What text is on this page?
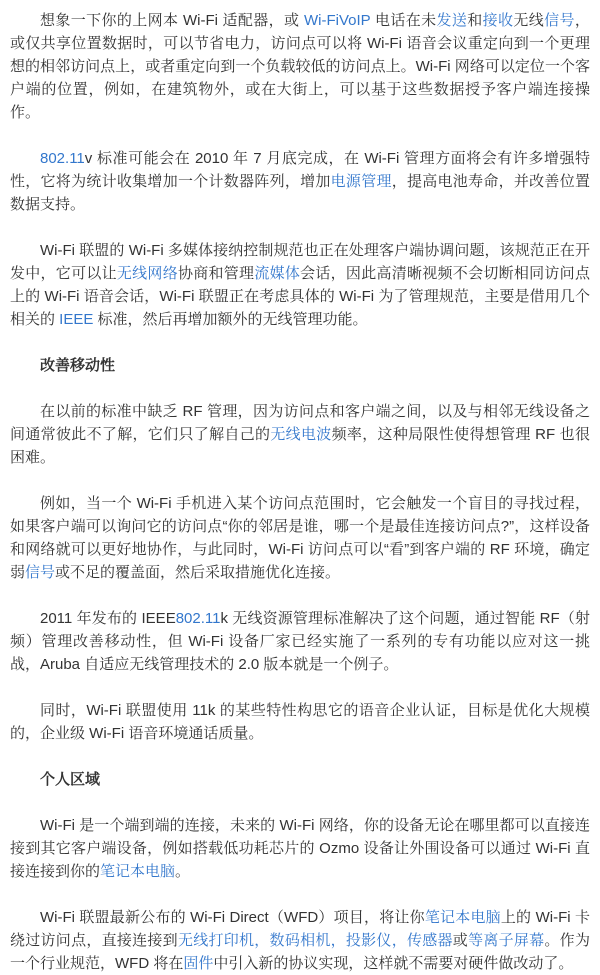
想象一下你的上网本 Wi-Fi 适配器，或 Wi-FiVoIP 电话在未发送和接收无线信号，或仅共享位置数据时，可以节省电力，访问点可以将 Wi-Fi 语音会议重定向到一个更理想的相邻访问点上，或者重定向到一个负载较低的访问点上。Wi-Fi 网络可以定位一个客户端的位置，例如，在建筑物外，或在大街上，可以基于这些数据授予客户端连接操作。

802.11v 标准可能会在 2010 年 7 月底完成，在 Wi-Fi 管理方面将会有许多增强特性，它将为统计收集增加一个计数器阵列，增加电源管理，提高电池寿命，并改善位置数据支持。

Wi-Fi 联盟的 Wi-Fi 多媒体接纳控制规范也正在处理客户端协调问题，该规范正在开发中，它可以让无线网络协商和管理流媒体会话，因此高清晰视频不会切断相同访问点上的 Wi-Fi 语音会话，Wi-Fi 联盟正在考虑具体的 Wi-Fi 为了管理规范，主要是借用几个相关的 IEEE 标准，然后再增加额外的无线管理功能。

改善移动性

在以前的标准中缺乏 RF 管理，因为访问点和客户端之间，以及与相邻无线设备之间通常彼此不了解，它们只了解自己的无线电波频率，这种局限性使得想管理 RF 也很困难。

例如，当一个 Wi-Fi 手机进入某个访问点范围时，它会触发一个盲目的寻找过程，如果客户端可以询问它的访问点“你的邻居是谁，哪一个是最佳连接访问点?”，这样设备和网络就可以更好地协作，与此同时，Wi-Fi 访问点可以“看”到客户端的 RF 环境，确定弱信号或不足的覆盖面，然后采取措施优化连接。

2011 年发布的 IEEE802.11k 无线资源管理标准解决了这个问题，通过智能 RF（射频）管理改善移动性，但 Wi-Fi 设备厂家已经实施了一系列的专有功能以应对这一挑战，Aruba 自适应无线管理技术的 2.0 版本就是一个例子。

同时，Wi-Fi 联盟使用 11k 的某些特性构思它的语音企业认证，目标是优化大规模的，企业级 Wi-Fi 语音环境通话质量。

个人区域

Wi-Fi 是一个端到端的连接，未来的 Wi-Fi 网络，你的设备无论在哪里都可以直接连接到其它客户端设备，例如搭载低功耗芯片的 Ozmo 设备让外围设备可以通过 Wi-Fi 直接连接到你的笔记本电脑。

Wi-Fi 联盟最新公布的 Wi-Fi Direct（WFD）项目，将让你笔记本电脑上的 Wi-Fi 卡绕过访问点，直接连接到无线打印机，数码相机，投影仪，传感器或等离子屏幕。作为一个行业规范，WFD 将在固件中引入新的协议实现，这样就不需要对硬件做改动了。
